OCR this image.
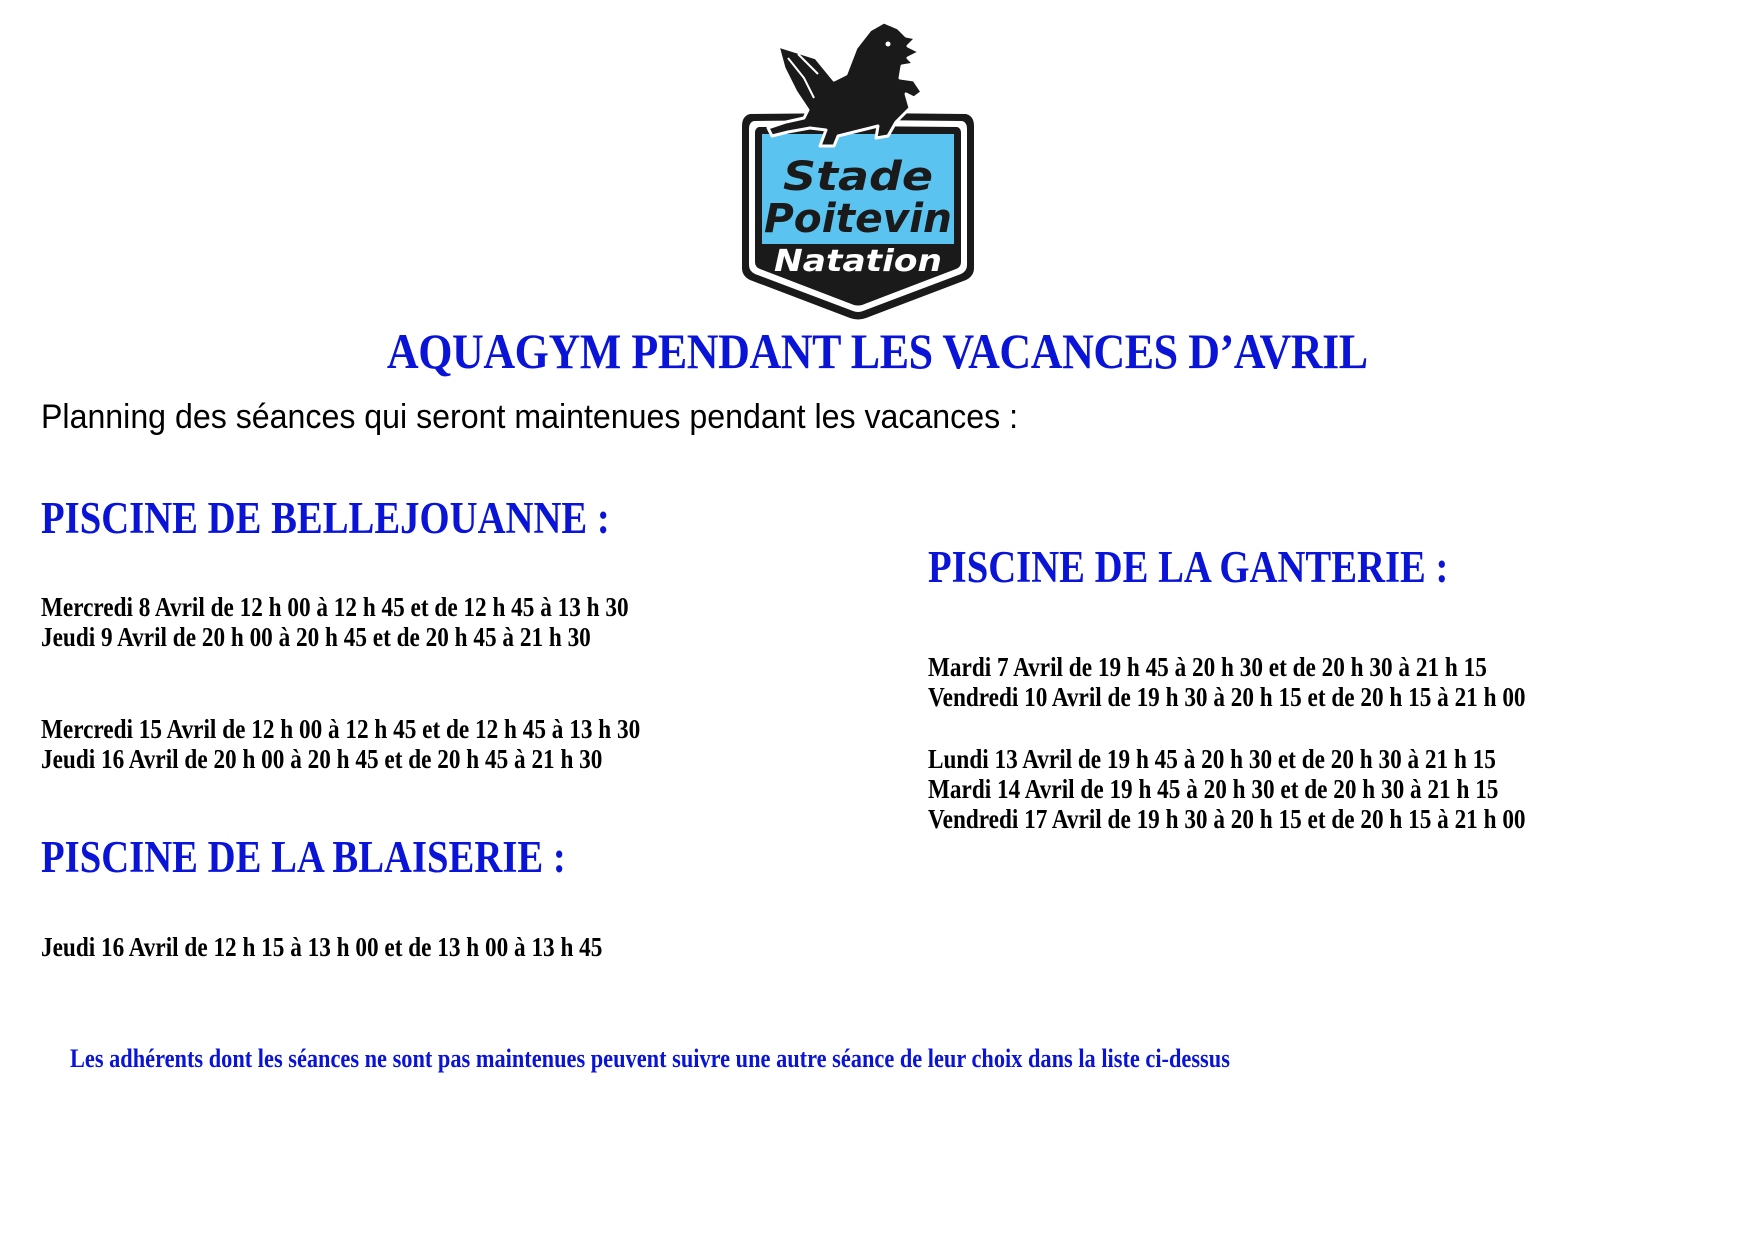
Stade
Poitevin
Natation
AQUAGYM PENDANT LES VACANCES D’AVRIL
Planning des séances qui seront maintenues pendant les vacances :
PISCINE DE BELLEJOUANNE :
Mercredi 8 Avril de 12 h 00 à 12 h 45 et de 12 h 45 à 13 h 30
Jeudi 9 Avril de 20 h 00 à 20 h 45 et de 20 h 45 à 21 h 30
Mercredi 15 Avril de 12 h 00 à 12 h 45 et de 12 h 45 à 13 h 30
Jeudi 16 Avril de 20 h 00 à 20 h 45 et de 20 h 45 à 21 h 30
PISCINE DE LA BLAISERIE :
Jeudi 16 Avril de 12 h 15 à 13 h 00 et de 13 h 00 à 13 h 45
PISCINE DE LA GANTERIE :
Mardi 7 Avril de 19 h 45 à 20 h 30 et de 20 h 30 à 21 h 15
Vendredi 10 Avril de 19 h 30 à 20 h 15 et de 20 h 15 à 21 h 00
Lundi 13 Avril de 19 h 45 à 20 h 30 et de 20 h 30 à 21 h 15
Mardi 14 Avril de 19 h 45 à 20 h 30 et de 20 h 30 à 21 h 15
Vendredi 17 Avril de 19 h 30 à 20 h 15 et de 20 h 15 à 21 h 00
Les adhérents dont les séances ne sont pas maintenues peuvent suivre une autre séance de leur choix dans la liste ci-dessus
